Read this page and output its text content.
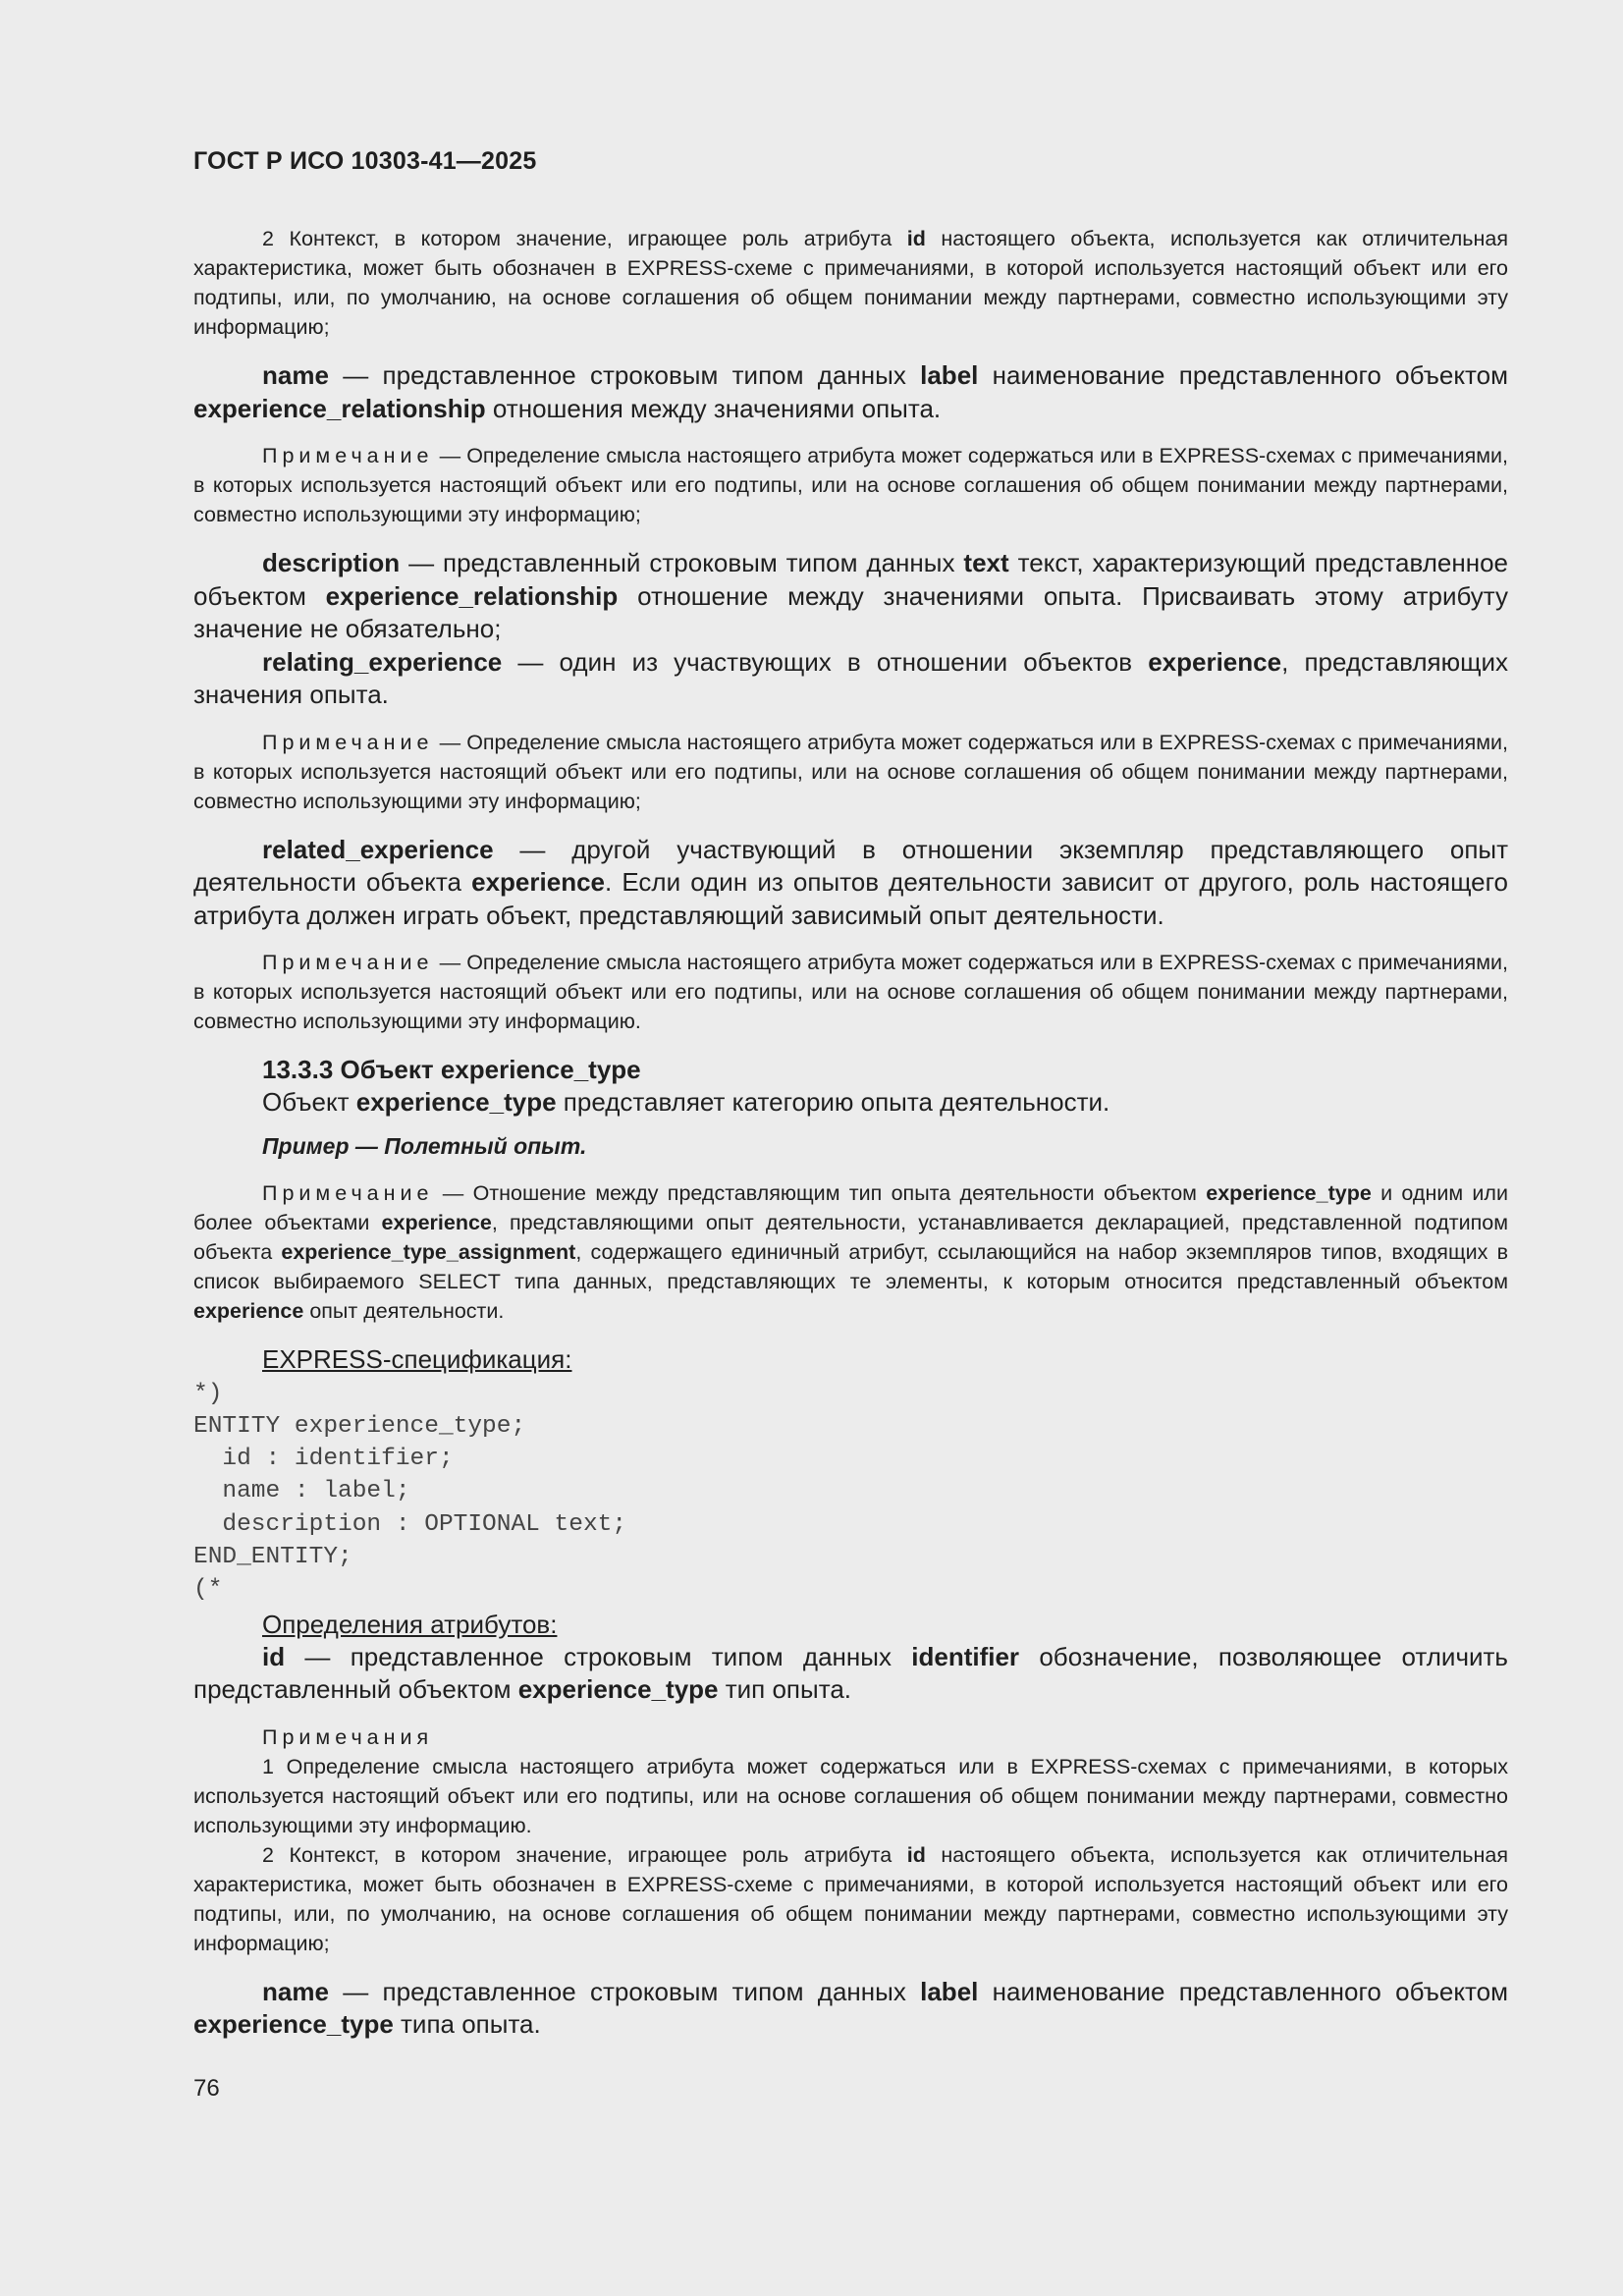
ГОСТ Р ИСО 10303-41—2025

2 Контекст, в котором значение, играющее роль атрибута id настоящего объекта, используется как отличительная характеристика, может быть обозначен в EXPRESS-схеме с примечаниями, в которой используется настоящий объект или его подтипы, или, по умолчанию, на основе соглашения об общем понимании между партнерами, совместно использующими эту информацию;

name — представленное строковым типом данных label наименование представленного объектом experience_relationship отношения между значениями опыта.

Примечание — Определение смысла настоящего атрибута может содержаться или в EXPRESS-схемах с примечаниями, в которых используется настоящий объект или его подтипы, или на основе соглашения об общем понимании между партнерами, совместно использующими эту информацию;

description — представленный строковым типом данных text текст, характеризующий представленное объектом experience_relationship отношение между значениями опыта. Присваивать этому атрибуту значение не обязательно;

relating_experience — один из участвующих в отношении объектов experience, представляющих значения опыта.

Примечание — Определение смысла настоящего атрибута может содержаться или в EXPRESS-схемах с примечаниями, в которых используется настоящий объект или его подтипы, или на основе соглашения об общем понимании между партнерами, совместно использующими эту информацию;

related_experience — другой участвующий в отношении экземпляр представляющего опыт деятельности объекта experience. Если один из опытов деятельности зависит от другого, роль настоящего атрибута должен играть объект, представляющий зависимый опыт деятельности.

Примечание — Определение смысла настоящего атрибута может содержаться или в EXPRESS-схемах с примечаниями, в которых используется настоящий объект или его подтипы, или на основе соглашения об общем понимании между партнерами, совместно использующими эту информацию.

13.3.3 Объект experience_type

Объект experience_type представляет категорию опыта деятельности.

Пример — Полетный опыт.

Примечание — Отношение между представляющим тип опыта деятельности объектом experience_type и одним или более объектами experience, представляющими опыт деятельности, устанавливается декларацией, представленной подтипом объекта experience_type_assignment, содержащего единичный атрибут, ссылающийся на набор экземпляров типов, входящих в список выбираемого SELECT типа данных, представляющих те элементы, к которым относится представленный объектом experience опыт деятельности.

EXPRESS-спецификация:
*)
ENTITY experience_type;
id : identifier;
name : label;
description : OPTIONAL text;
END_ENTITY;
(*
Определения атрибутов:

id — представленное строковым типом данных identifier обозначение, позволяющее отличить представленный объектом experience_type тип опыта.

Примечания

1 Определение смысла настоящего атрибута может содержаться или в EXPRESS-схемах с примечаниями, в которых используется настоящий объект или его подтипы, или на основе соглашения об общем понимании между партнерами, совместно использующими эту информацию.

2 Контекст, в котором значение, играющее роль атрибута id настоящего объекта, используется как отличительная характеристика, может быть обозначен в EXPRESS-схеме с примечаниями, в которой используется настоящий объект или его подтипы, или, по умолчанию, на основе соглашения об общем понимании между партнерами, совместно использующими эту информацию;

name — представленное строковым типом данных label наименование представленного объектом experience_type типа опыта.

76
